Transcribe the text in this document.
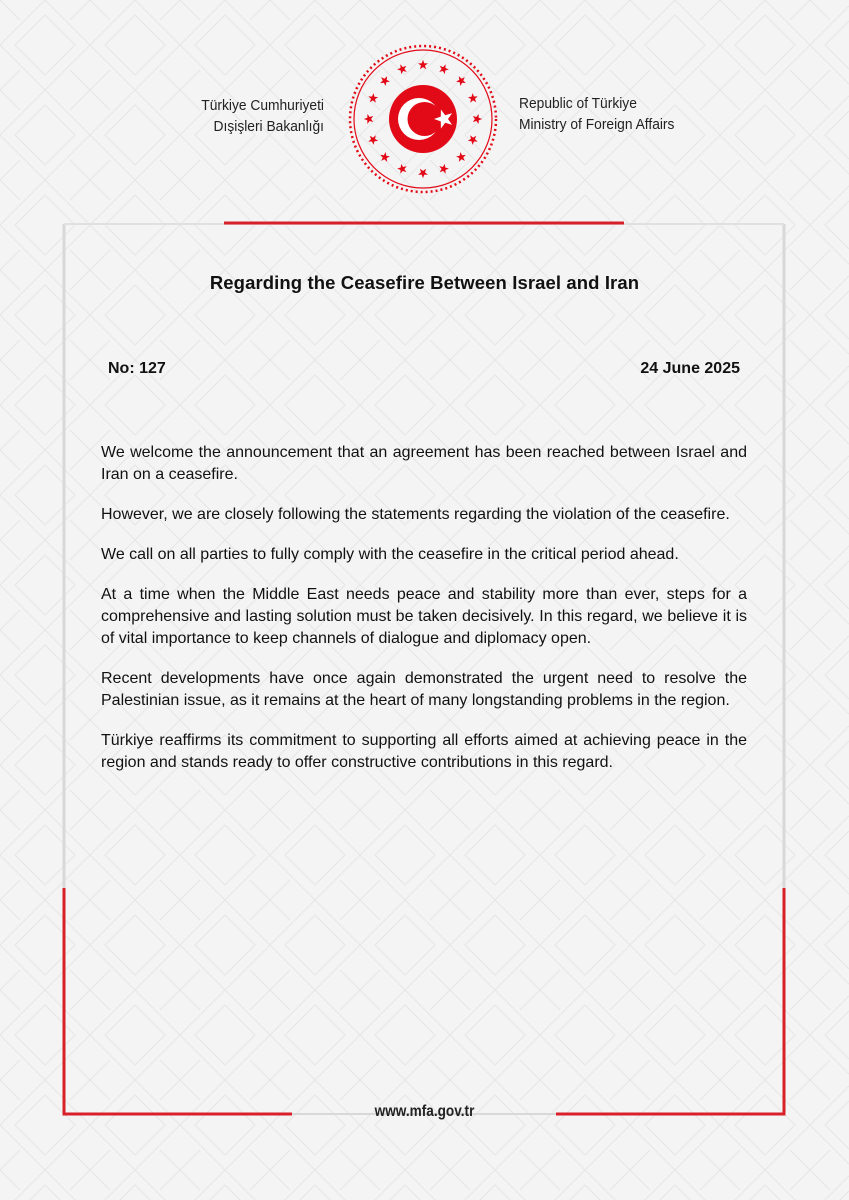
Türkiye Cumhuriyeti
Dışişleri Bakanlığı
Republic of Türkiye
Ministry of Foreign Affairs
Regarding the Ceasefire Between Israel and Iran
No: 127	24 June 2025

We welcome the announcement that an agreement has been reached between Israel and Iran on a ceasefire.

However, we are closely following the statements regarding the violation of the ceasefire.

We call on all parties to fully comply with the ceasefire in the critical period ahead.

At a time when the Middle East needs peace and stability more than ever, steps for a comprehensive and lasting solution must be taken decisively. In this regard, we believe it is of vital importance to keep channels of dialogue and diplomacy open.

Recent developments have once again demonstrated the urgent need to resolve the Palestinian issue, as it remains at the heart of many longstanding problems in the region.

Türkiye reaffirms its commitment to supporting all efforts aimed at achieving peace in the region and stands ready to offer constructive contributions in this regard.

www.mfa.gov.tr
